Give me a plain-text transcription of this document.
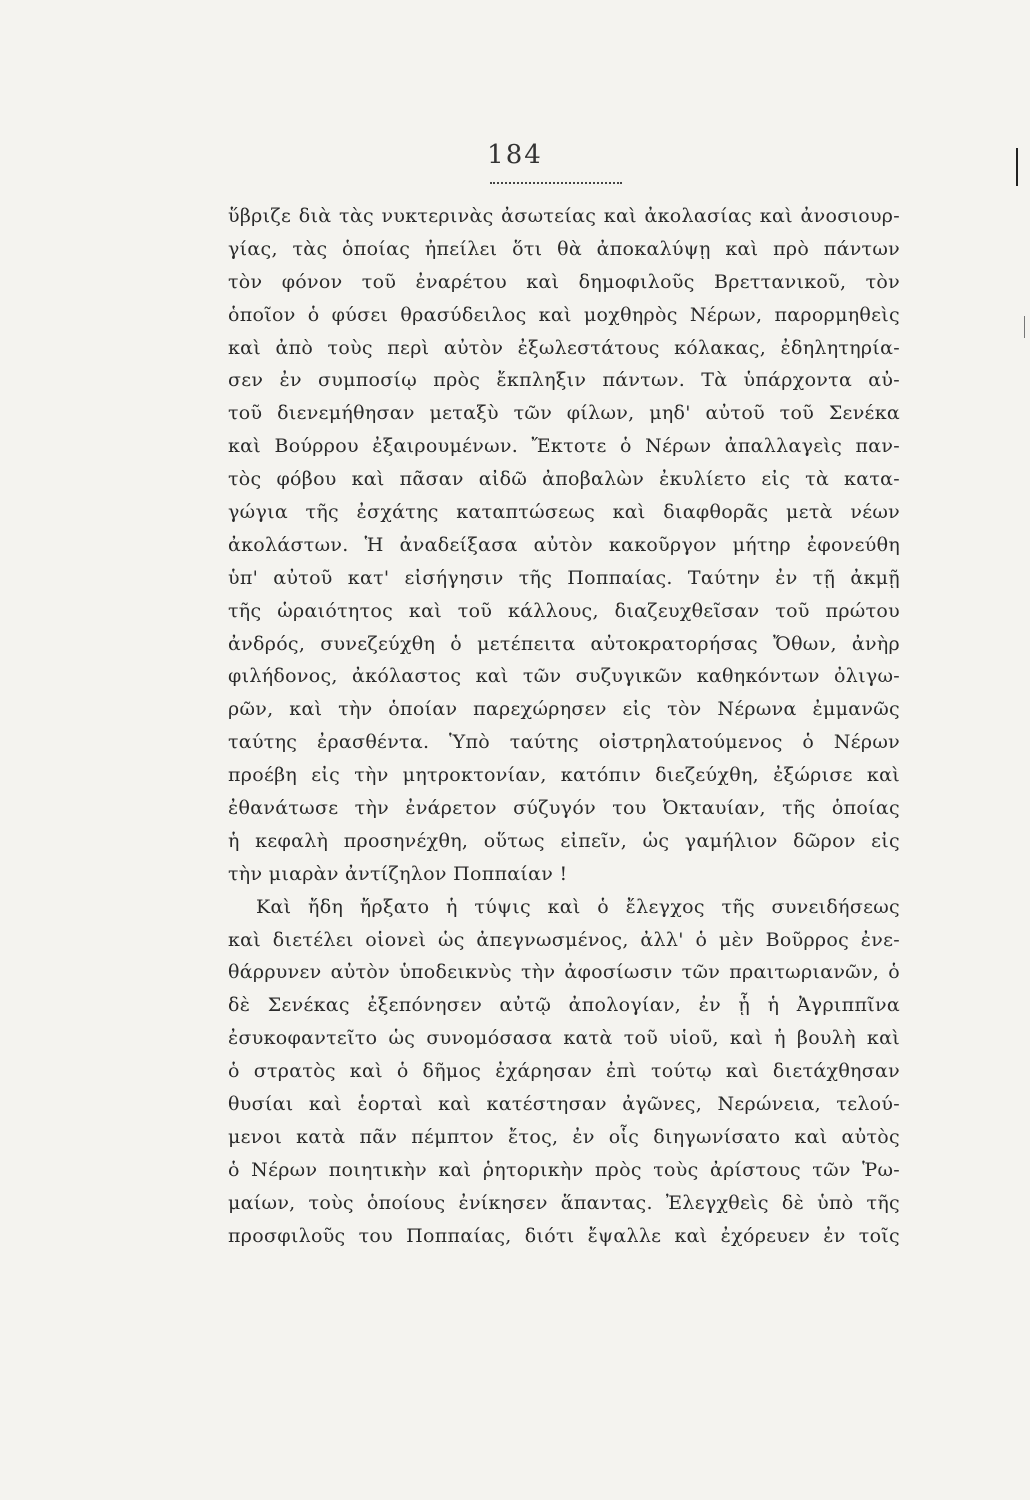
184
ὕβριζε διὰ τὰς νυκτερινὰς ἀσωτείας καὶ ἀκολασίας καὶ ἀνοσιουρ-
γίας, τὰς ὁποίας ἠπείλει ὅτι θὰ ἀποκαλύψῃ καὶ πρὸ πάντων
τὸν φόνον τοῦ ἐναρέτου καὶ δημοφιλοῦς Βρεττανικοῦ, τὸν
ὁποῖον ὁ φύσει θρασύδειλος καὶ μοχθηρὸς Νέρων, παρορμηθεὶς
καὶ ἀπὸ τοὺς περὶ αὐτὸν ἐξωλεστάτους κόλακας, ἐδηλητηρία-
σεν ἐν συμποσίῳ πρὸς ἔκπληξιν πάντων. Τὰ ὑπάρχοντα αὐ-
τοῦ διενεμήθησαν μεταξὺ τῶν φίλων, μηδ' αὐτοῦ τοῦ Σενέκα
καὶ Βούρρου ἐξαιρουμένων. Ἔκτοτε ὁ Νέρων ἀπαλλαγεὶς παν-
τὸς φόβου καὶ πᾶσαν αἰδῶ ἀποβαλὼν ἐκυλίετο εἰς τὰ κατα-
γώγια τῆς ἐσχάτης καταπτώσεως καὶ διαφθορᾶς μετὰ νέων
ἀκολάστων. Ἡ ἀναδείξασα αὐτὸν κακοῦργον μήτηρ ἐφονεύθη
ὑπ' αὐτοῦ κατ' εἰσήγησιν τῆς Ποππαίας. Ταύτην ἐν τῇ ἀκμῇ
τῆς ὡραιότητος καὶ τοῦ κάλλους, διαζευχθεῖσαν τοῦ πρώτου
ἀνδρός, συνεζεύχθη ὁ μετέπειτα αὐτοκρατορήσας Ὄθων, ἀνὴρ
φιλήδονος, ἀκόλαστος καὶ τῶν συζυγικῶν καθηκόντων ὀλιγω-
ρῶν, καὶ τὴν ὁποίαν παρεχώρησεν εἰς τὸν Νέρωνα ἐμμανῶς
ταύτης ἐρασθέντα. Ὑπὸ ταύτης οἰστρηλατούμενος ὁ Νέρων
προέβη εἰς τὴν μητροκτονίαν, κατόπιν διεζεύχθη, ἐξώρισε καὶ
ἐθανάτωσε τὴν ἐνάρετον σύζυγόν του Ὀκταυίαν, τῆς ὁποίας
ἡ κεφαλὴ προσηνέχθη, οὕτως εἰπεῖν, ὡς γαμήλιον δῶρον εἰς
τὴν μιαρὰν ἀντίζηλον Ποππαίαν !
Καὶ ἤδη ἤρξατο ἡ τύψις καὶ ὁ ἔλεγχος τῆς συνειδήσεως
καὶ διετέλει οἱονεὶ ὡς ἀπεγνωσμένος, ἀλλ' ὁ μὲν Βοῦρρος ἐνε-
θάρρυνεν αὐτὸν ὑποδεικνὺς τὴν ἀφοσίωσιν τῶν πραιτωριανῶν, ὁ
δὲ Σενέκας ἐξεπόνησεν αὐτῷ ἀπολογίαν, ἐν ᾗ ἡ Ἀγριππῖνα
ἐσυκοφαντεῖτο ὡς συνομόσασα κατὰ τοῦ υἱοῦ, καὶ ἡ βουλὴ καὶ
ὁ στρατὸς καὶ ὁ δῆμος ἐχάρησαν ἐπὶ τούτῳ καὶ διετάχθησαν
θυσίαι καὶ ἑορταὶ καὶ κατέστησαν ἀγῶνες, Νερώνεια, τελού-
μενοι κατὰ πᾶν πέμπτον ἔτος, ἐν οἷς διηγωνίσατο καὶ αὐτὸς
ὁ Νέρων ποιητικὴν καὶ ῥητορικὴν πρὸς τοὺς ἀρίστους τῶν Ῥω-
μαίων, τοὺς ὁποίους ἐνίκησεν ἅπαντας. Ἐλεγχθεὶς δὲ ὑπὸ τῆς
προσφιλοῦς του Ποππαίας, διότι ἔψαλλε καὶ ἐχόρευεν ἐν τοῖς
